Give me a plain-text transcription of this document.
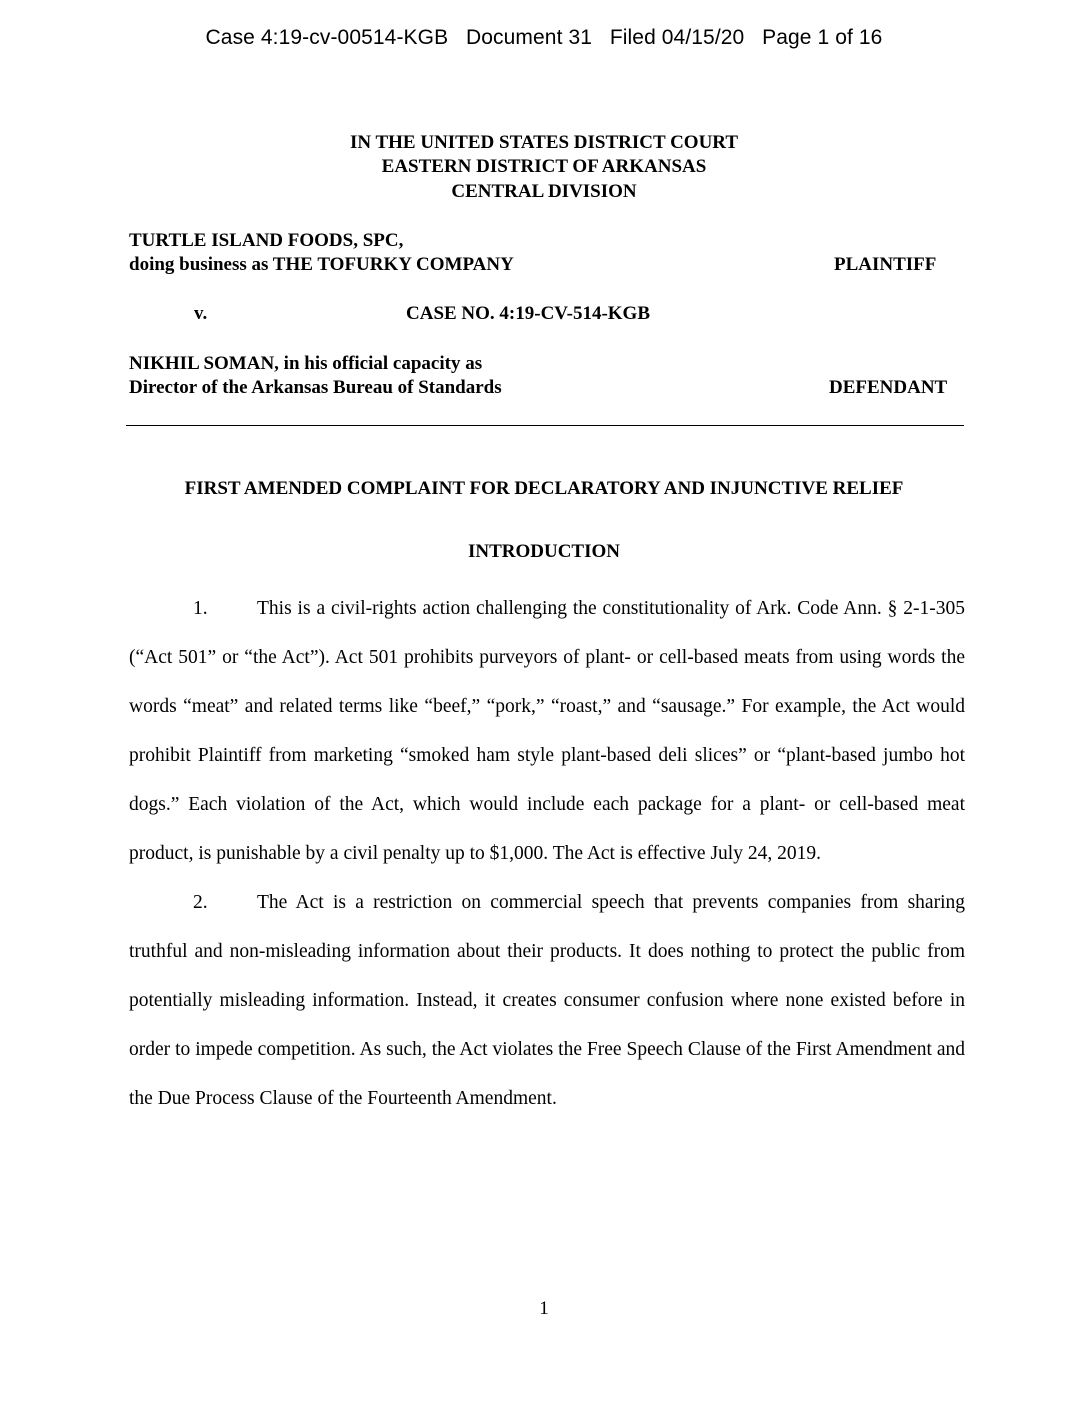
Case 4:19-cv-00514-KGB Document 31 Filed 04/15/20 Page 1 of 16
IN THE UNITED STATES DISTRICT COURT
EASTERN DISTRICT OF ARKANSAS
CENTRAL DIVISION
TURTLE ISLAND FOODS, SPC,
doing business as THE TOFURKY COMPANY	PLAINTIFF
v.	CASE NO. 4:19-CV-514-KGB
NIKHIL SOMAN, in his official capacity as
Director of the Arkansas Bureau of Standards	DEFENDANT
FIRST AMENDED COMPLAINT FOR DECLARATORY AND INJUNCTIVE RELIEF
INTRODUCTION

1.	This is a civil-rights action challenging the constitutionality of Ark. Code Ann. § 2-1-305 (“Act 501” or “the Act”). Act 501 prohibits purveyors of plant- or cell-based meats from using words the words “meat” and related terms like “beef,” “pork,” “roast,” and “sausage.” For example, the Act would prohibit Plaintiff from marketing “smoked ham style plant-based deli slices” or “plant-based jumbo hot dogs.” Each violation of the Act, which would include each package for a plant- or cell-based meat product, is punishable by a civil penalty up to $1,000. The Act is effective July 24, 2019.

2.	The Act is a restriction on commercial speech that prevents companies from sharing truthful and non-misleading information about their products. It does nothing to protect the public from potentially misleading information. Instead, it creates consumer confusion where none existed before in order to impede competition. As such, the Act violates the Free Speech Clause of the First Amendment and the Due Process Clause of the Fourteenth Amendment.

1
